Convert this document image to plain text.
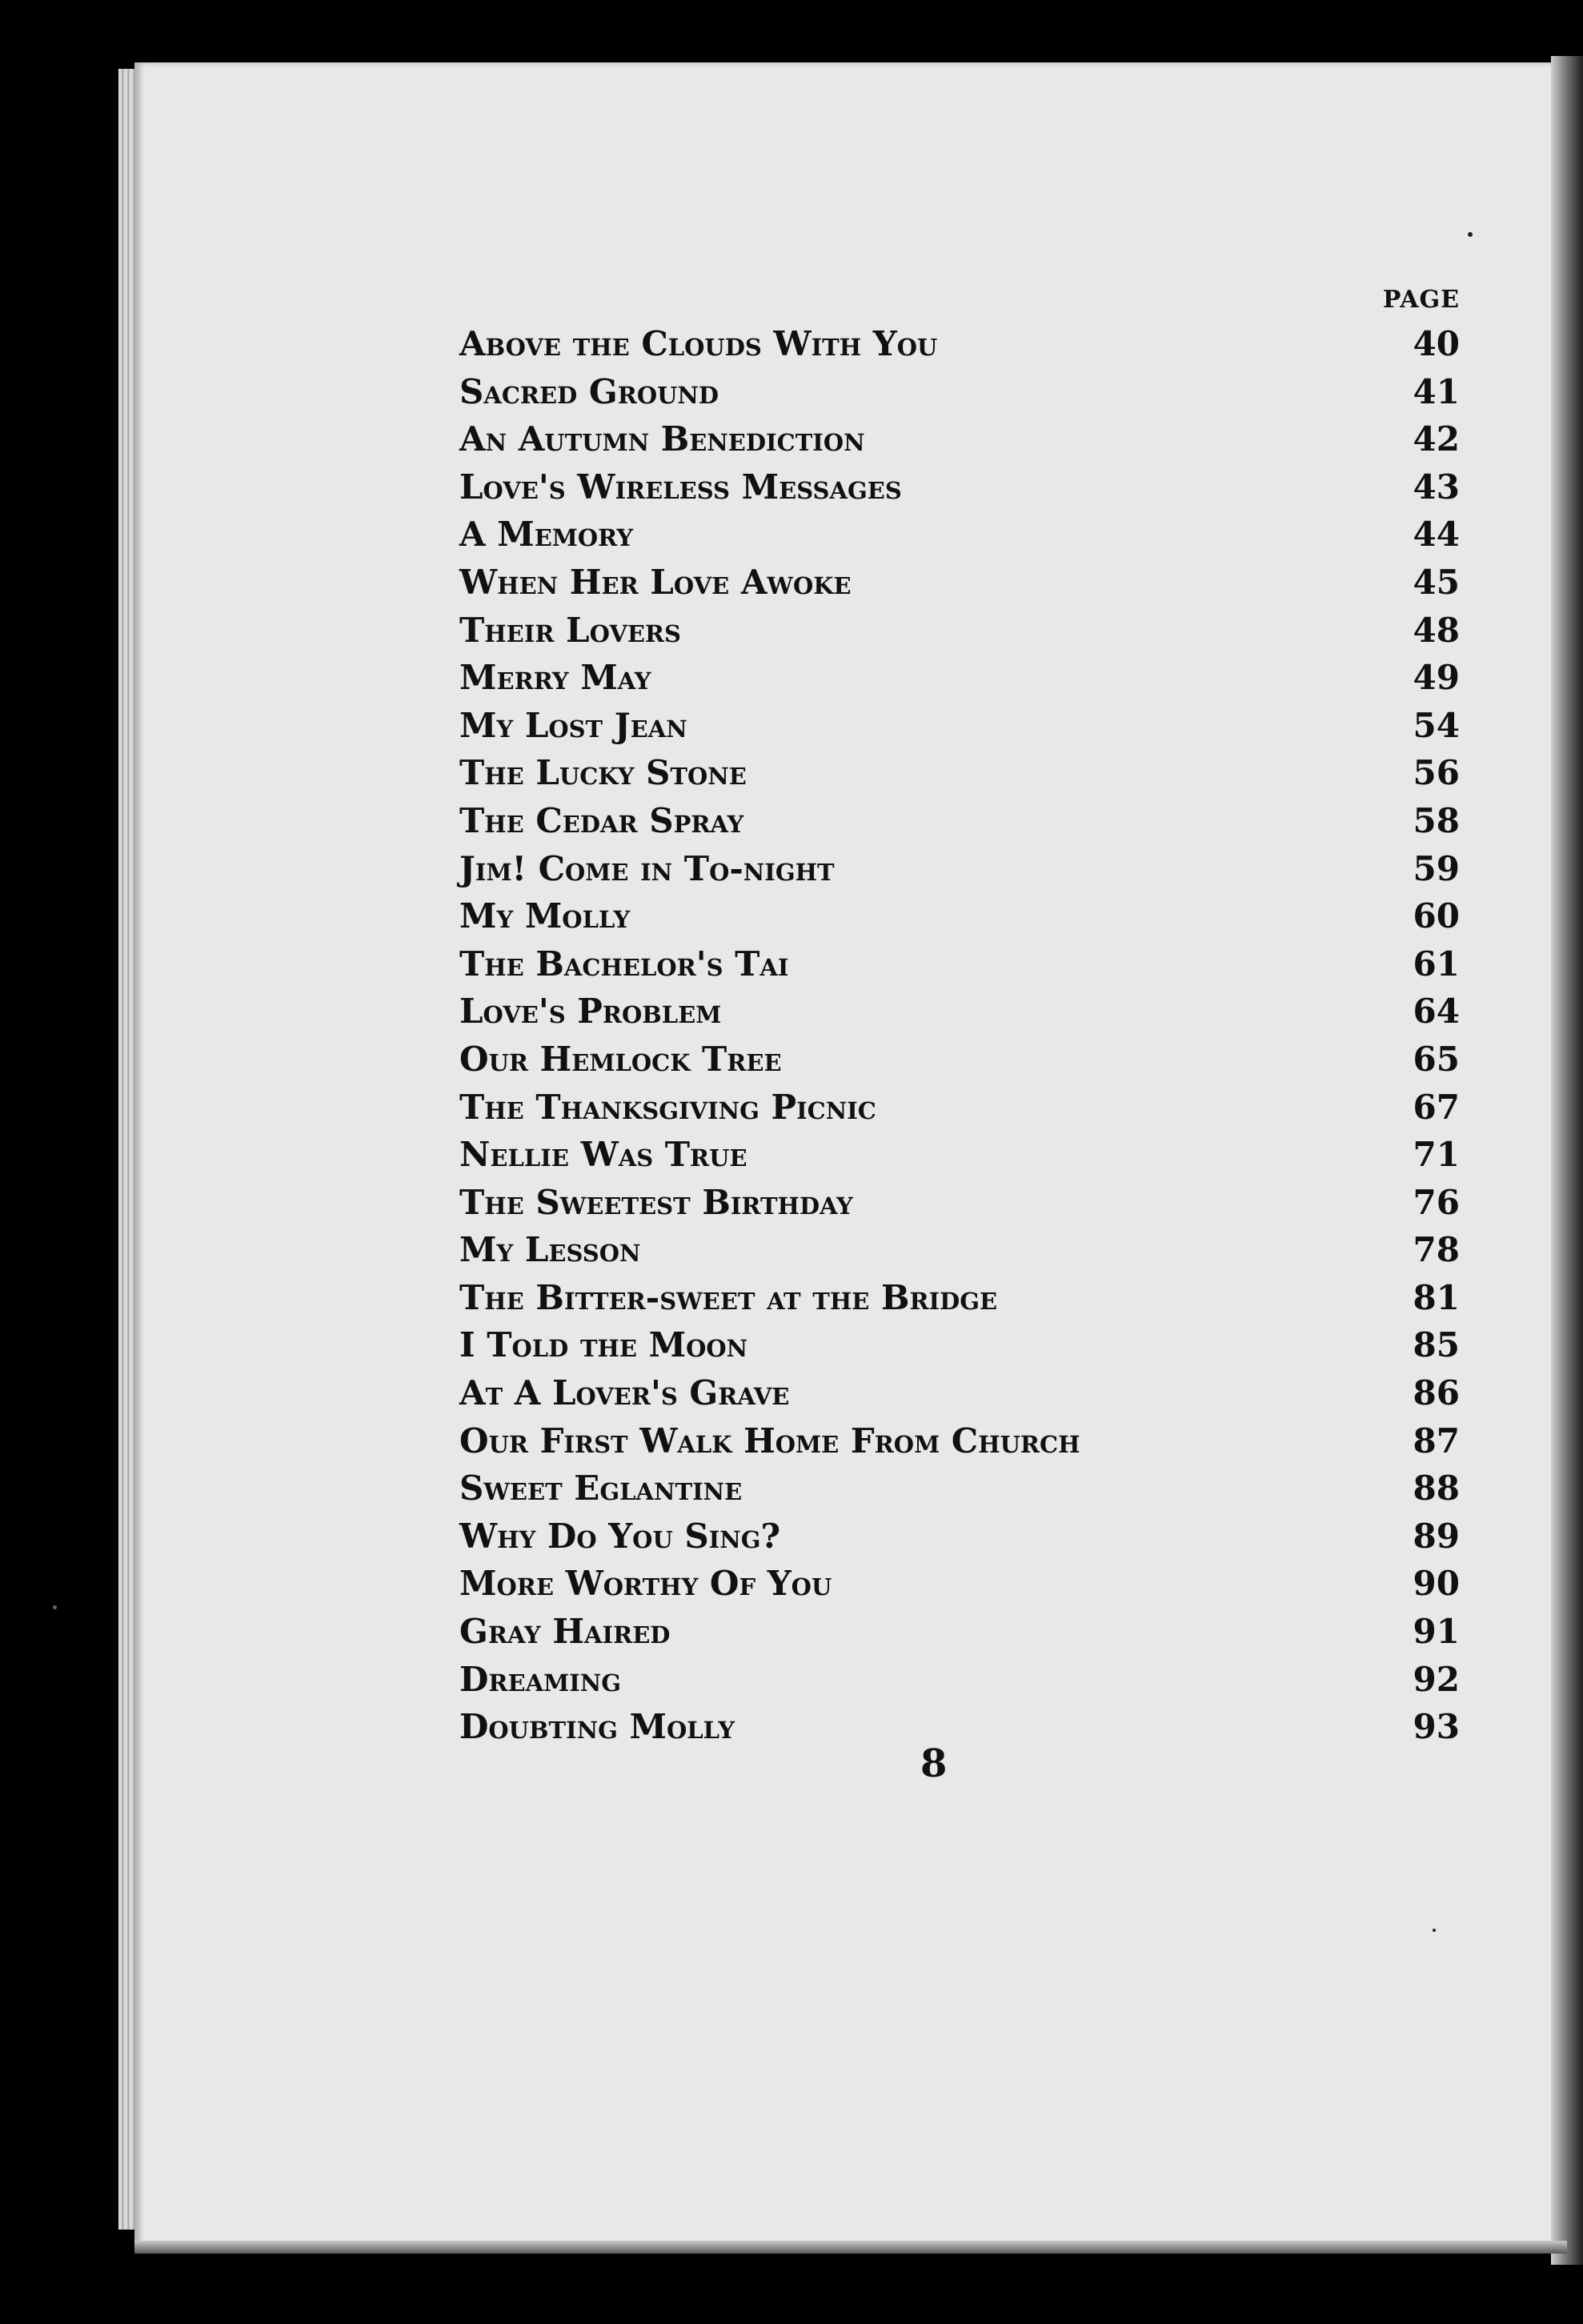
PAGE
Above the Clouds With You	40
Sacred Ground	41
An Autumn Benediction	42
Love's Wireless Messages	43
A Memory	44
When Her Love Awoke	45
Their Lovers	48
Merry May	49
My Lost Jean	54
The Lucky Stone	56
The Cedar Spray	58
Jim! Come in To-night	59
My Molly	60
The Bachelor's Tai	61
Love's Problem	64
Our Hemlock Tree	65
The Thanksgiving Picnic	67
Nellie Was True	71
The Sweetest Birthday	76
My Lesson	78
The Bitter-sweet at the Bridge	81
I Told the Moon	85
At A Lover's Grave	86
Our First Walk Home From Church	87
Sweet Eglantine	88
Why Do You Sing?	89
More Worthy Of You	90
Gray Haired	91
Dreaming	92
Doubting Molly	93
8
